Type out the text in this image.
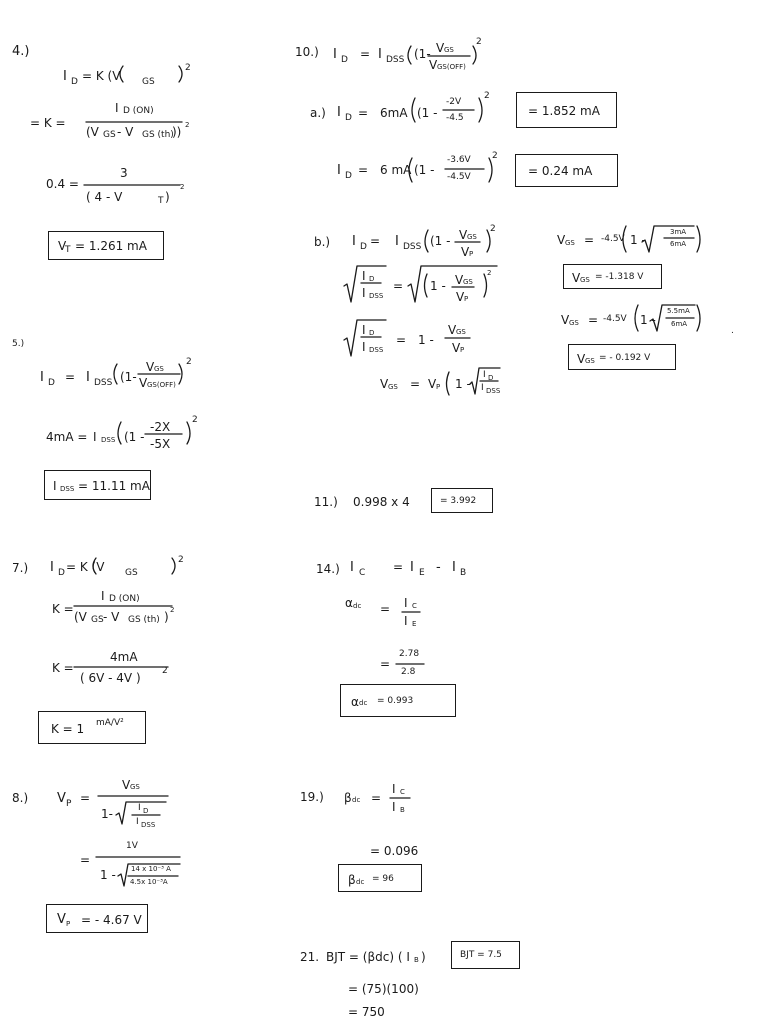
4.)
I D = K (V GS
2
= K =
I D (ON)
(V GS - V GS (th)
)) 2
0.4 =
3
( 4 - V	T )
2
V
T = 1.261 mA
5.)
I D = I DSS (1-
V GS
V GS(OFF)
2
4mA = I DSS (1 -
-2X
-5X
2
I DSS = 11.11 mA
7.) I D = K (V GS
2
K =
I D (ON)
(V GS - V GS (th) ) 2
K =
4mA
( 6V - 4V ) 2
K = 1 mA/V²
8.) V P =
V GS
1-	I D
I DSS
=
1V
1 - 14 x 10⁻³ A
4.5x 10⁻³A
V P = - 4.67 V
10.) I D = I DSS (1- V GS
V GS(OFF)
2
a.) I D = 6mA (1 -
-2V
-4.5
2
= 1.852 mA
I D = 6 mA (1 -
-3.6V
-4.5V
2
= 0.24 mA
b.) I D = I DSS (1 - V GS
V P
2
I D
I DSS
= 1 - V GS
V P
2
I D
I DSS
= 1 -
V GS
V P
V GS = V P 1 -
I D
I DSS
V GS = -4.5V 1 -
3mA
6mA
V GS = -1.318 V
V GS = -4.5V 1 -
5.5mA
6mA
V GS = - 0.192 V
.
11.) 0.998 x 4	= 3.992
14.) I C = I E - I B
α dc = I C
I E
=
2.78
2.8
α dc = 0.993
19.) β dc =
I C
I B
= 0.096
β dc = 96
21. BJT = (βdc) ( I B )	BJT = 7.5
= (75)(100)
= 750
